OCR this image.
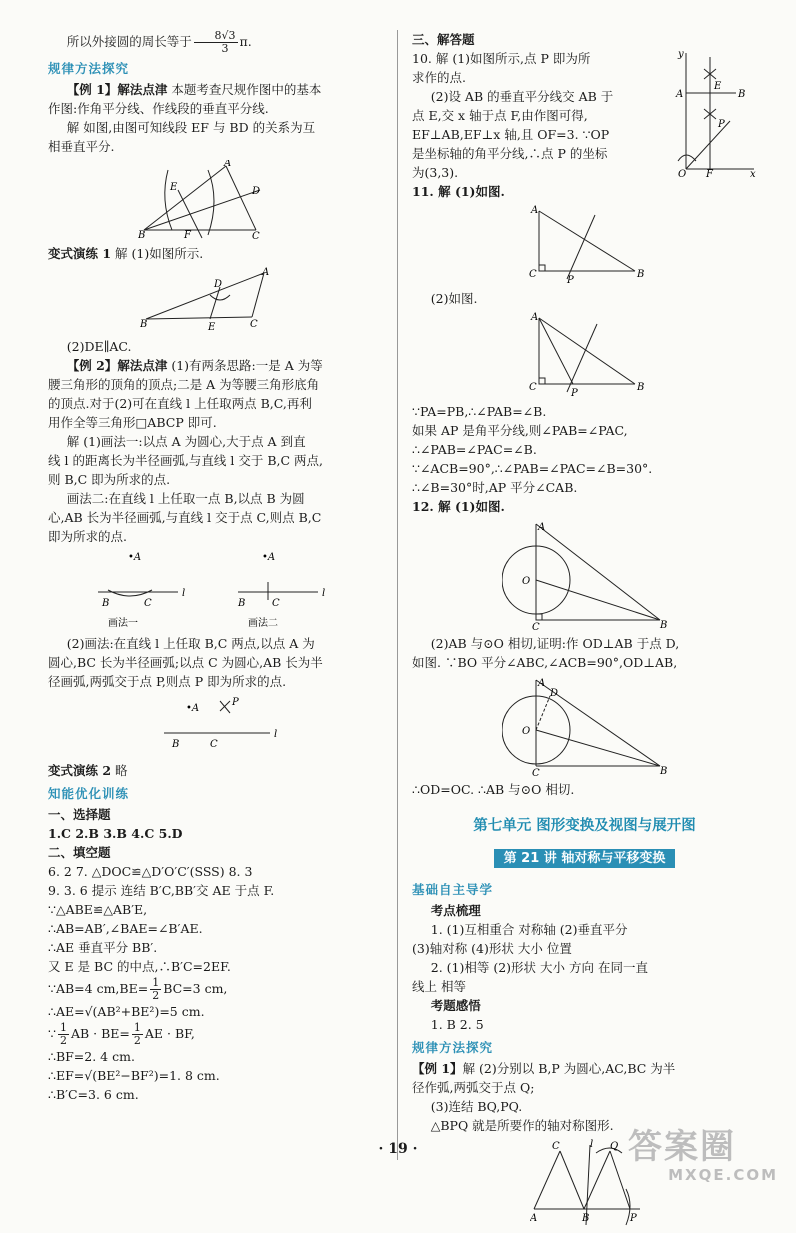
所以外接圆的周长等于 $\frac{8√3}{3} \pi$.

规律方法探究

【例 1】解法点津 本题考查尺规作图中的基本

作图:作角平分线、作线段的垂直平分线.

解 如图,由图可知线段 EF 与 BD 的关系为互

相垂直平分.

A
E	D
B	F	C

变式演练 1 解 (1)如图所示.

A
D
B	E	C

(2)DE∥AC.

【例 2】解法点津 (1)有两条思路:一是 A 为等

腰三角形的顶角的顶点;二是 A 为等腰三角形底角

的顶点.对于(2)可在直线 l 上任取两点 B,C,再利

用作全等三角形□ABCP 即可.

解 (1)画法一:以点 A 为圆心,大于点 A 到直

线 l 的距离长为半径画弧,与直线 l 交于 B,C 两点,

则 B,C 即为所求的点.

画法二:在直线 l 上任取一点 B,以点 B 为圆

心,AB 长为半径画弧,与直线 l 交于点 C,则点 B,C

即为所求的点.

•A
B	C
l
•A
B	C
l
画法一	画法二

(2)画法:在直线 l 上任取 B,C 两点,以点 A 为

圆心,BC 长为半径画弧;以点 C 为圆心,AB 长为半

径画弧,两弧交于点 P,则点 P 即为所求的点.

•A
P
B	C
l

变式演练 2 略

知能优化训练

一、选择题

1.C 2.B 3.B 4.C 5.D

二、填空题

6. 2 7. △DOC≌△D′O′C′(SSS) 8. 3

9. 3. 6 提示 连结 B′C,BB′交 AE 于点 F.

∵△ABE≌△AB′E,

∴AB=AB′,∠BAE=∠B′AE.

∴AE 垂直平分 BB′.

又 E 是 BC 的中点,∴B′C=2EF.

∵AB=4 $cm,BE= \frac{1}{2} BC=3$ cm,

∴AE=√(AB²+BE²)=5 cm.

∵ $\frac{1}{2}$ AB · $BE= \frac{1}{2}$ AE · BF,

∴BF=2. 4 cm.

∴EF=√(BE²−BF²)=1. 8 cm.

∴B′C=3. 6 cm.

三、解答题

10. 解 (1)如图所示,点 P 即为所

求作的点.

(2)设 AB 的垂直平分线交 AB 于

点 E,交 x 轴于点 F,由作图可得,

EF⊥AB,EF⊥x 轴,且 OF=3. ∵OP

是坐标轴的角平分线,∴点 P 的坐标

为(3,3).

y
A
E
B
P
O F	x

11. 解 (1)如图.

A
C
P
B

(2)如图.

A
C
P
B

∵PA=PB,∴∠PAB=∠B.

如果 AP 是角平分线,则∠PAB=∠PAC,

∴∠PAB=∠PAC=∠B.

∵∠ACB=90°,∴∠PAB=∠PAC=∠B=30°.

∴∠B=30°时,AP 平分∠CAB.

12. 解 (1)如图.

A
O
C	B

(2)AB 与⊙O 相切,证明:作 OD⊥AB 于点 D,

如图. ∵BO 平分∠ABC,∠ACB=90°,OD⊥AB,

A
D
O
C	B

∴OD=OC. ∴AB 与⊙O 相切.

第七单元 图形变换及视图与展开图
第 21 讲 轴对称与平移变换
基础自主导学

考点梳理

1. (1)互相重合 对称轴 (2)垂直平分

(3)轴对称 (4)形状 大小 位置

2. (1)相等 (2)形状 大小 方向 在同一直

线上 相等

考题感悟

1. B 2. 5

规律方法探究

【例 1】解 (2)分别以 B,P 为圆心,AC,BC 为半

径作弧,两弧交于点 Q;

(3)连结 BQ,PQ.

△BPQ 就是所要作的轴对称图形.

C	l Q
A	B	P
· 19 ·	答案圈
MXQE.COM
